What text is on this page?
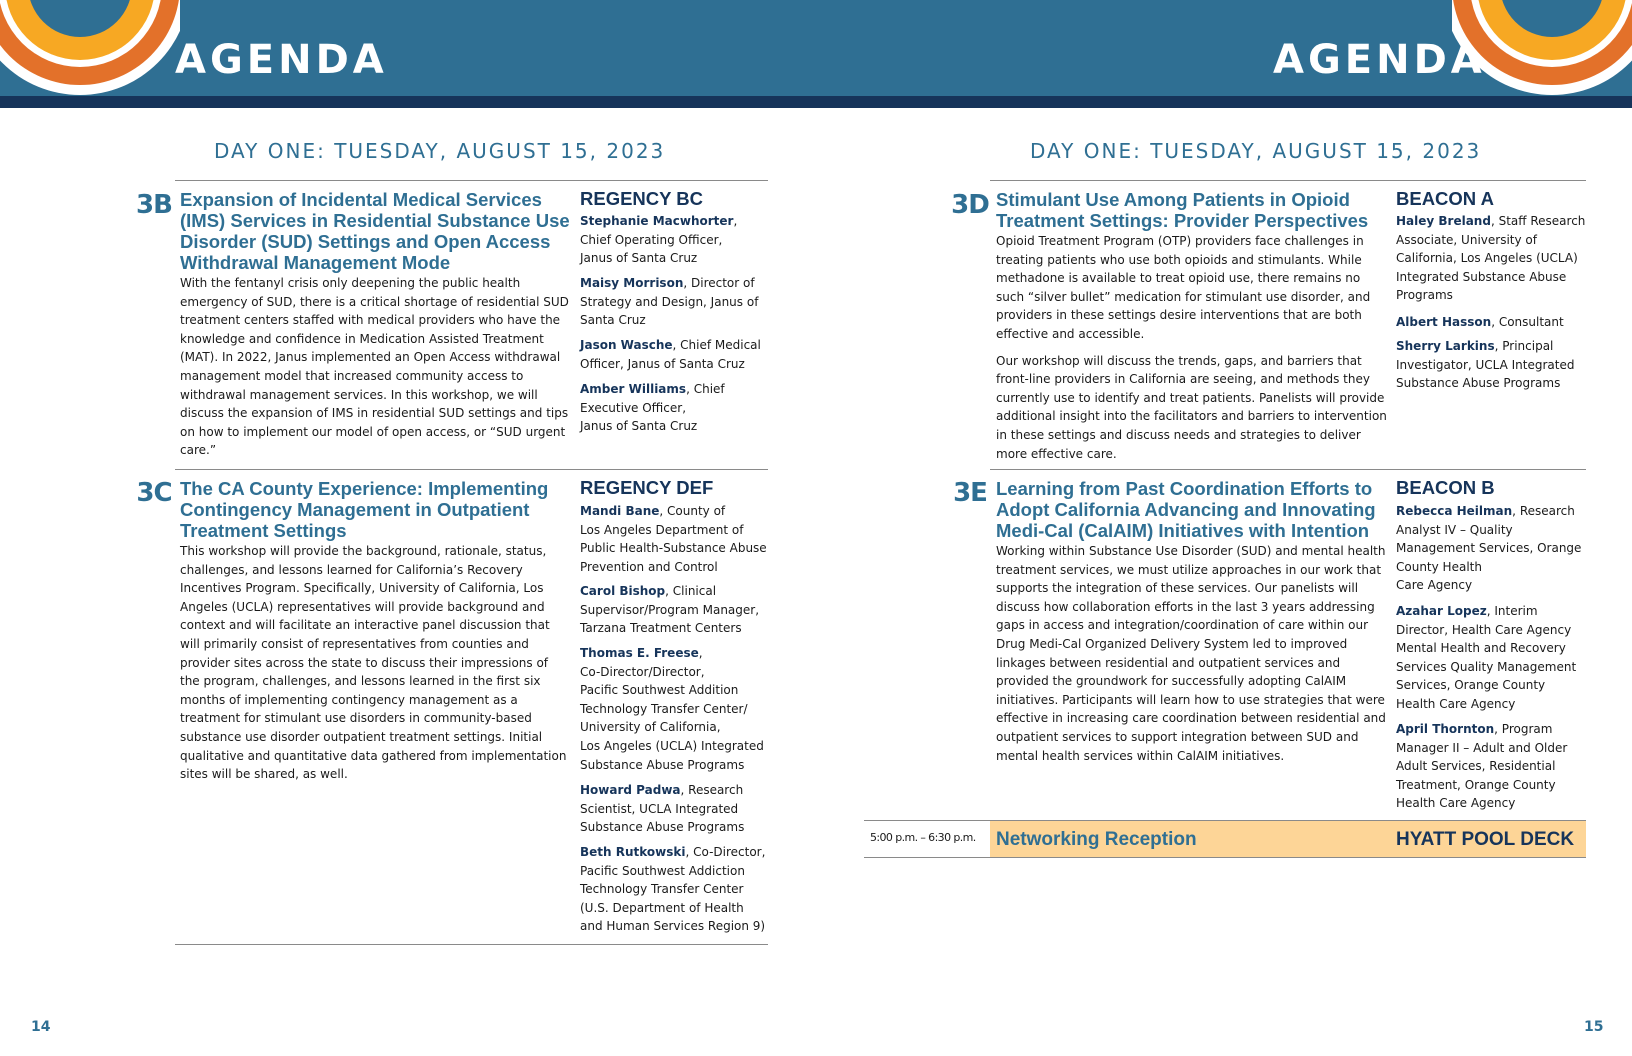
AGENDA	AGENDA
DAY ONE: TUESDAY, AUGUST 15, 2023
3B Expansion of Incidental Medical Services (IMS) Services in Residential Substance Use Disorder (SUD) Settings and Open Access Withdrawal Management Mode

With the fentanyl crisis only deepening the public health emergency of SUD, there is a critical shortage of residential SUD treatment centers staffed with medical providers who have the knowledge and confidence in Medication Assisted Treatment (MAT). In 2022, Janus implemented an Open Access withdrawal management model that increased community access to withdrawal management services. In this workshop, we will discuss the expansion of IMS in residential SUD settings and tips on how to implement our model of open access, or “SUD urgent care.”

REGENCY BC

Stephanie Macwhorter, Chief Operating Officer,
Janus of Santa Cruz

Maisy Morrison, Director of Strategy and Design, Janus of Santa Cruz

Jason Wasche, Chief Medical Officer, Janus of Santa Cruz

Amber Williams, Chief Executive Officer,
Janus of Santa Cruz

3C The CA County Experience: Implementing Contingency Management in Outpatient Treatment Settings

This workshop will provide the background, rationale, status, challenges, and lessons learned for California’s Recovery Incentives Program. Specifically, University of California, Los Angeles (UCLA) representatives will provide background and context and will facilitate an interactive panel discussion that will primarily consist of representatives from counties and provider sites across the state to discuss their impressions of the program, challenges, and lessons learned in the first six months of implementing contingency management as a treatment for stimulant use disorders in community-based substance use disorder outpatient treatment settings. Initial qualitative and quantitative data gathered from implementation sites will be shared, as well.

REGENCY DEF

Mandi Bane, County of
Los Angeles Department of Public Health-Substance Abuse Prevention and Control

Carol Bishop, Clinical Supervisor/Program Manager, Tarzana Treatment Centers

Thomas E. Freese,
Co-Director/Director,
Pacific Southwest Addition Technology Transfer Center/ University of California,
Los Angeles (UCLA) Integrated Substance Abuse Programs

Howard Padwa, Research Scientist, UCLA Integrated Substance Abuse Programs

Beth Rutkowski, Co-Director, Pacific Southwest Addiction Technology Transfer Center (U.S. Department of Health and Human Services Region 9)

14
DAY ONE: TUESDAY, AUGUST 15, 2023
3D Stimulant Use Among Patients in Opioid Treatment Settings: Provider Perspectives

Opioid Treatment Program (OTP) providers face challenges in treating patients who use both opioids and stimulants. While methadone is available to treat opioid use, there remains no such “silver bullet” medication for stimulant use disorder, and providers in these settings desire interventions that are both effective and accessible.

Our workshop will discuss the trends, gaps, and barriers that front-line providers in California are seeing, and methods they currently use to identify and treat patients. Panelists will provide additional insight into the facilitators and barriers to intervention in these settings and discuss needs and strategies to deliver more effective care.

BEACON A

Haley Breland, Staff Research Associate, University of California, Los Angeles (UCLA) Integrated Substance Abuse Programs

Albert Hasson, Consultant

Sherry Larkins, Principal Investigator, UCLA Integrated Substance Abuse Programs

3E Learning from Past Coordination Efforts to Adopt California Advancing and Innovating Medi-Cal (CalAIM) Initiatives with Intention

Working within Substance Use Disorder (SUD) and mental health treatment services, we must utilize approaches in our work that supports the integration of these services. Our panelists will discuss how collaboration efforts in the last 3 years addressing gaps in access and integration/coordination of care within our Drug Medi-Cal Organized Delivery System led to improved linkages between residential and outpatient services and provided the groundwork for successfully adopting CalAIM initiatives. Participants will learn how to use strategies that were effective in increasing care coordination between residential and outpatient services to support integration between SUD and mental health services within CalAIM initiatives.

BEACON B

Rebecca Heilman, Research Analyst IV – Quality Management Services, Orange County Health
Care Agency

Azahar Lopez, Interim Director, Health Care Agency Mental Health and Recovery Services Quality Management Services, Orange County Health Care Agency

April Thornton, Program Manager II – Adult and Older Adult Services, Residential Treatment, Orange County Health Care Agency

5:00 p.m. – 6:30 p.m. Networking Reception	HYATT POOL DECK
15
